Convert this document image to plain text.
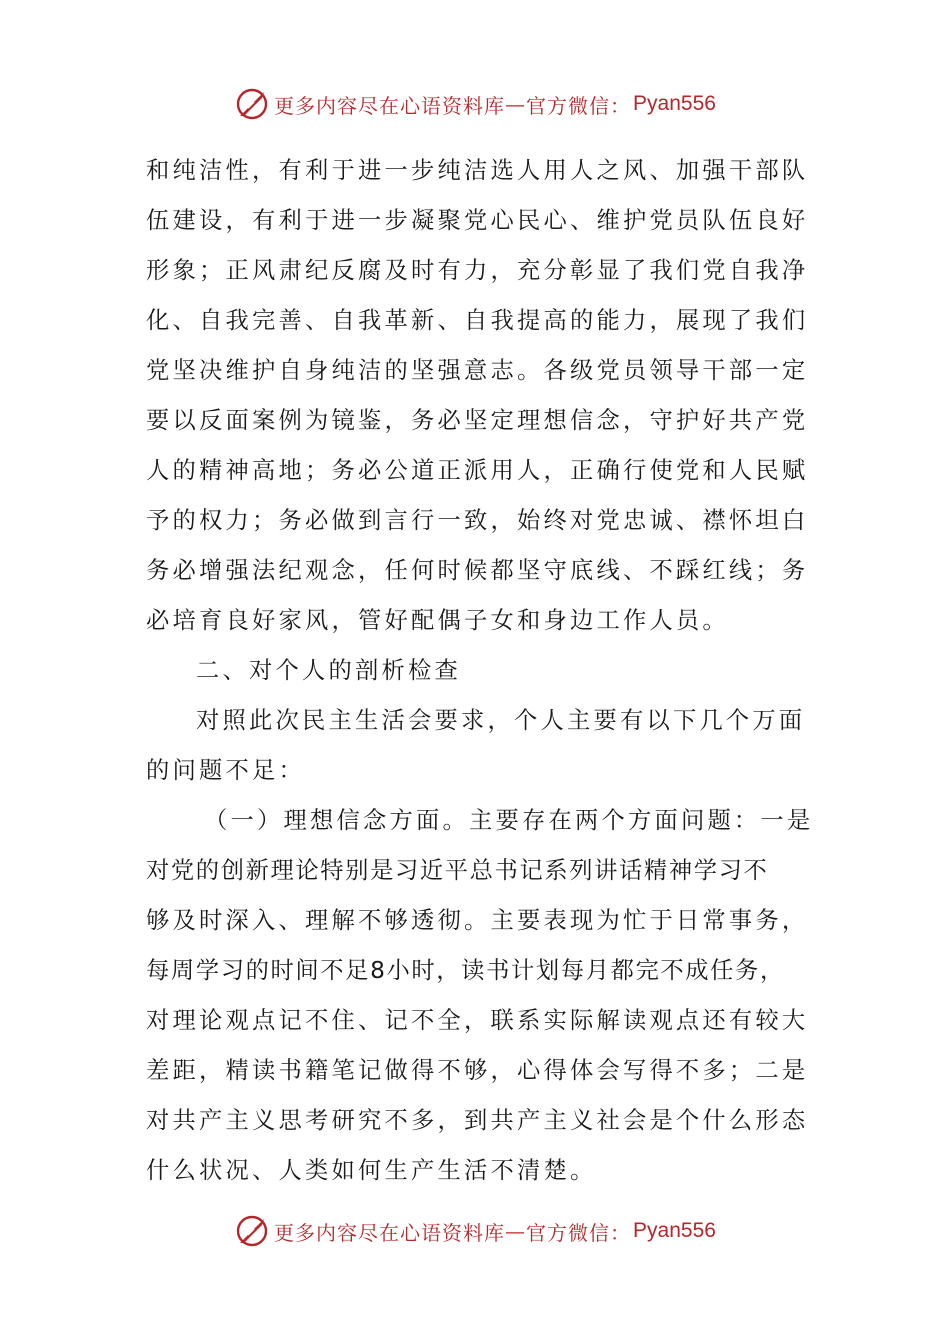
更多内容尽在心语资料库 — 官方微信： Pyan556
和纯洁性，有利于进一步纯洁选人用人之风、加强干部队
伍建设，有利于进一步凝聚党心民心、维护党员队伍良好
形象；正风肃纪反腐及时有力，充分彰显了我们党自我净
化、自我完善、自我革新、自我提高的能力，展现了我们
党坚决维护自身纯洁的坚强意志。各级党员领导干部一定
要以反面案例为镜鉴，务必坚定理想信念，守护好共产党
人的精神高地；务必公道正派用人，正确行使党和人民赋
予的权力；务必做到言行一致，始终对党忠诚、襟怀坦白
务必增强法纪观念，任何时候都坚守底线、不踩红线；务
必培育良好家风，管好配偶子女和身边工作人员。
二、对个人的剖析检查
对照此次民主生活会要求，个人主要有以下几个万面
的问题不足：
（一）理想信念方面。主要存在两个方面问题：一是
对党的创新理论特别是习近平总书记系列讲话精神学习不
够及时深入、理解不够透彻。主要表现为忙于日常事务，
每周学习的时间不足8小时，读书计划每月都完不成任务，
对理论观点记不住、记不全，联系实际解读观点还有较大
差距，精读书籍笔记做得不够，心得体会写得不多；二是
对共产主义思考研究不多，到共产主义社会是个什么形态
什么状况、人类如何生产生活不清楚。
更多内容尽在心语资料库 — 官方微信： Pyan556
